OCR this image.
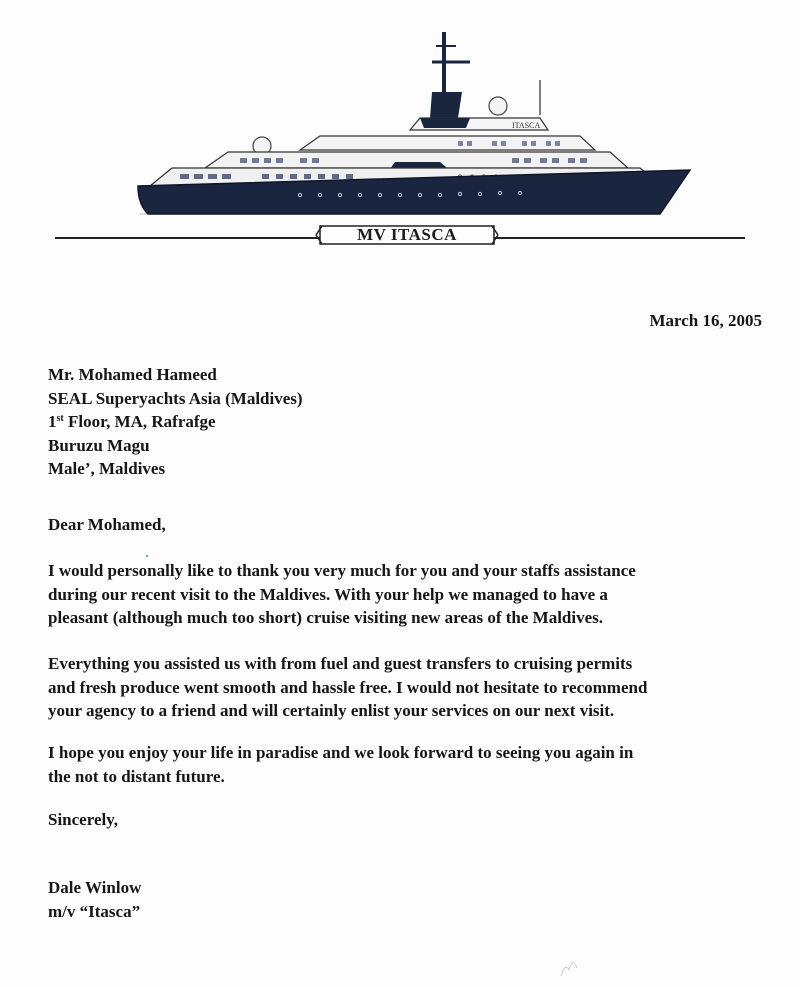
ITASCA
MV ITASCA
March 16, 2005
Mr. Mohamed Hameed
SEAL Superyachts Asia (Maldives)
1st Floor, MA, Rafrafge
Buruzu Magu
Male’, Maldives
Dear Mohamed,
I would personally like to thank you very much for you and your staffs assistance
during our recent visit to the Maldives. With your help we managed to have a
pleasant (although much too short) cruise visiting new areas of the Maldives.
Everything you assisted us with from fuel and guest transfers to cruising permits
and fresh produce went smooth and hassle free. I would not hesitate to recommend
your agency to a friend and will certainly enlist your services on our next visit.
I hope you enjoy your life in paradise and we look forward to seeing you again in
the not to distant future.
Sincerely,
Dale Winlow
m/v “Itasca”
